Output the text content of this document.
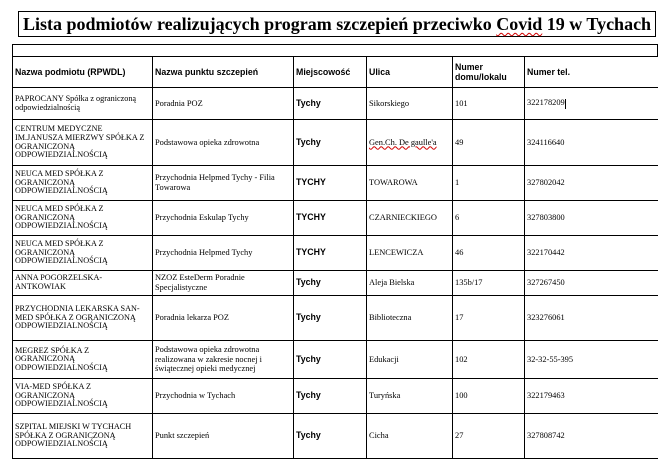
Lista podmiotów realizujących program szczepień przeciwko Covid 19 w Tychach
Nazwa podmiotu (RPWDL)	Nazwa punktu szczepień	Miejscowość	Ulica	Numer domu/lokalu	Numer tel.
PAPROCANY Spółka z ograniczoną odpowiedzialnością	Poradnia POZ	Tychy	Sikorskiego	101	322178209
CENTRUM MEDYCZNE IM.JANUSZA MIERZWY SPÓŁKA Z OGRANICZONĄ ODPOWIEDZIALNOŚCIĄ	Podstawowa opieka zdrowotna	Tychy	Gen.Ch. De gaulle'a	49	324116640
NEUCA MED SPÓŁKA Z OGRANICZONĄ ODPOWIEDZIALNOŚCIĄ	Przychodnia Helpmed Tychy - Filia Towarowa	TYCHY	TOWAROWA	1	327802042
NEUCA MED SPÓŁKA Z OGRANICZONĄ ODPOWIEDZIALNOŚCIĄ	Przychodnia Eskulap Tychy	TYCHY	CZARNIECKIEGO	6	327803800
NEUCA MED SPÓŁKA Z OGRANICZONĄ ODPOWIEDZIALNOŚCIĄ	Przychodnia Helpmed Tychy	TYCHY	LENCEWICZA	46	322170442
ANNA POGORZELSKA-ANTKOWIAK	NZOZ EsteDerm Poradnie Specjalistyczne	Tychy	Aleja Bielska	135b/17	327267450
PRZYCHODNIA LEKARSKA SAN-MED SPÓŁKA Z OGRANICZONĄ ODPOWIEDZIALNOŚCIĄ	Poradnia lekarza POZ	Tychy	Biblioteczna	17	323276061
MEGREZ SPÓŁKA Z OGRANICZONĄ ODPOWIEDZIALNOŚCIĄ	Podstawowa opieka zdrowotna realizowana w zakresie nocnej i świątecznej opieki medycznej	Tychy	Edukacji	102	32-32-55-395
VIA-MED SPÓŁKA Z OGRANICZONĄ ODPOWIEDZIALNOŚCIĄ	Przychodnia w Tychach	Tychy	Turyńska	100	322179463
SZPITAL MIEJSKI W TYCHACH SPÓŁKA Z OGRANICZONĄ ODPOWIEDZIALNOŚCIĄ	Punkt szczepień	Tychy	Cicha	27	327808742
